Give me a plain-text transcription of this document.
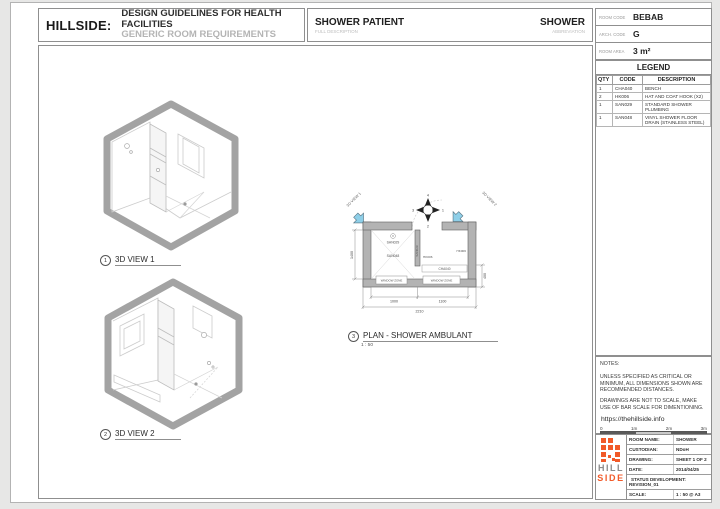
HILLSIDE:
DESIGN GUIDELINES FOR HEALTH FACILITIES
GENERIC ROOM REQUIREMENTS
SHOWER PATIENT
FULL DESCRIPTION
SHOWER
ABBREVIATION
ROOM CODE BEBAB
ARCH. CODE G
ROOM AREA	3 m²
LEGEND
QTY	CODE	DESCRIPTION
1	CHA040	BENCH
2	HK006	HAT AND COAT HOOK (X2)
1	SAN029	STANDARD SHOWER PLUMBING
1	SAN048	VINYL SHOWER FLOOR DRAIN (STAINLESS STEEL)
NOTES:
UNLESS SPECIFIED AS CRITICAL OR MINIMUM, ALL DIMENSIONS SHOWN ARE RECOMMENDED DISTANCES.
DRAWINGS ARE NOT TO SCALE, MAKE USE OF BAR SCALE FOR DIMENTIONING.
https://thehillside.info
0	1m	2m	3m
HILL
SIDE
ROOM NAME:	SHOWER
CUSTODIAN:	NDoH
DRAWING:	SHEET 1 OF 2
DATE:	2014/04/25
STATUS DEVELOPMENT:
REVISION_01
SCALE:	1 : 50 @ A3
1 3D VIEW 1
2 3D VIEW 2
3D VIEW 1	3D VIEW 2
4
1
2
3
SAN029
SAN048	SAN029
HK006
HK006
CHA040
WINDOW ZONE	WINDOW ZONE
1400
400
1000	1100
2210
3 PLAN - SHOWER AMBULANT
1 : 50
